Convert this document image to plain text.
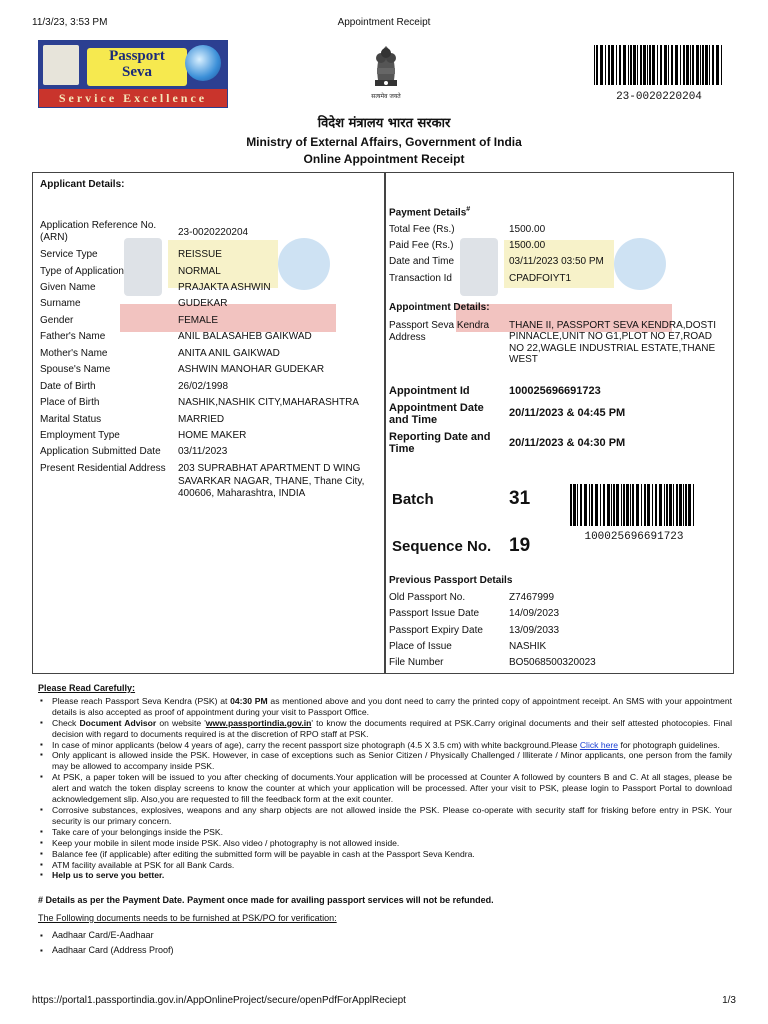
11/3/23, 3:53 PM	Appointment Receipt
Passport
Seva
Service Excellence	सत्यमेव जयते	23-0020220204
विदेश मंत्रालय भारत सरकार
Ministry of External Affairs, Government of India
Online Appointment Receipt
Applicant Details:
Application Reference No. (ARN)	23-0020220204
Service Type	REISSUE
Type of Application	NORMAL
Given Name	PRAJAKTA ASHWIN
Surname	GUDEKAR
Gender	FEMALE
Father's Name	ANIL BALASAHEB GAIKWAD
Mother's Name	ANITA ANIL GAIKWAD
Spouse's Name	ASHWIN MANOHAR GUDEKAR
Date of Birth	26/02/1998
Place of Birth	NASHIK,NASHIK CITY,MAHARASHTRA
Marital Status	MARRIED
Employment Type	HOME MAKER
Application Submitted Date 03/11/2023
Present Residential Address 203 SUPRABHAT APARTMENT D WING SAVARKAR NAGAR, THANE, Thane City, 400606, Maharashtra, INDIA
Payment Details#
Total Fee (Rs.)	1500.00
Paid Fee (Rs.)	1500.00
Date and Time	03/11/2023 03:50 PM
Transaction Id	CPADFOIYT1
Appointment Details:
Passport Seva Kendra Address
THANE II, PASSPORT SEVA KENDRA,DOSTI PINNACLE,UNIT NO G1,PLOT NO E7,ROAD NO 22,WAGLE INDUSTRIAL ESTATE,THANE WEST
Appointment Id	100025696691723
Appointment Date and Time
20/11/2023 & 04:45 PM
Reporting Date and Time	20/11/2023 & 04:30 PM
Batch	31
Sequence No. 19	100025696691723
Previous Passport Details
Old Passport No.	Z7467999
Passport Issue Date	14/09/2023
Passport Expiry Date	13/09/2033
Place of Issue	NASHIK
File Number	BO5068500320023
Please Read Carefully:
▪ Please reach Passport Seva Kendra (PSK) at 04:30 PM as mentioned above and you dont need to carry the printed copy of appointment receipt. An SMS with your appointment details is also accepted as proof of appointment during your visit to Passport Office.
▪ Check Document Advisor on website 'www.passportindia.gov.in' to know the documents required at PSK.Carry original documents and their self attested photocopies. Final decision with regard to documents required is at the discretion of RPO staff at PSK.
▪ In case of minor applicants (below 4 years of age), carry the recent passport size photograph (4.5 X 3.5 cm) with white background.Please Click here for photograph guidelines.
▪ Only applicant is allowed inside the PSK. However, in case of exceptions such as Senior Citizen / Physically Challenged / Illiterate / Minor applicants, one person from the family may be allowed to accompany inside PSK.
▪ At PSK, a paper token will be issued to you after checking of documents.Your application will be processed at Counter A followed by counters B and C. At all stages, please be alert and watch the token display screens to know the counter at which your application will be processed. After your visit to PSK, please login to Passport Portal to download acknowledgement slip. Also,you are requested to fill the feedback form at the exit counter.
▪ Corrosive substances, explosives, weapons and any sharp objects are not allowed inside the PSK. Please co-operate with security staff for frisking before entry in PSK. Your security is our primary concern.
▪ Take care of your belongings inside the PSK.
▪ Keep your mobile in silent mode inside PSK. Also video / photography is not allowed inside.
▪ Balance fee (if applicable) after editing the submitted form will be payable in cash at the Passport Seva Kendra.
▪ ATM facility available at PSK for all Bank Cards.
▪ Help us to serve you better.
# Details as per the Payment Date. Payment once made for availing passport services will not be refunded.
The Following documents needs to be furnished at PSK/PO for verification:
▪ Aadhaar Card/E-Aadhaar
▪ Aadhaar Card (Address Proof)
https://portal1.passportindia.gov.in/AppOnlineProject/secure/openPdfForApplReciept	1/3
